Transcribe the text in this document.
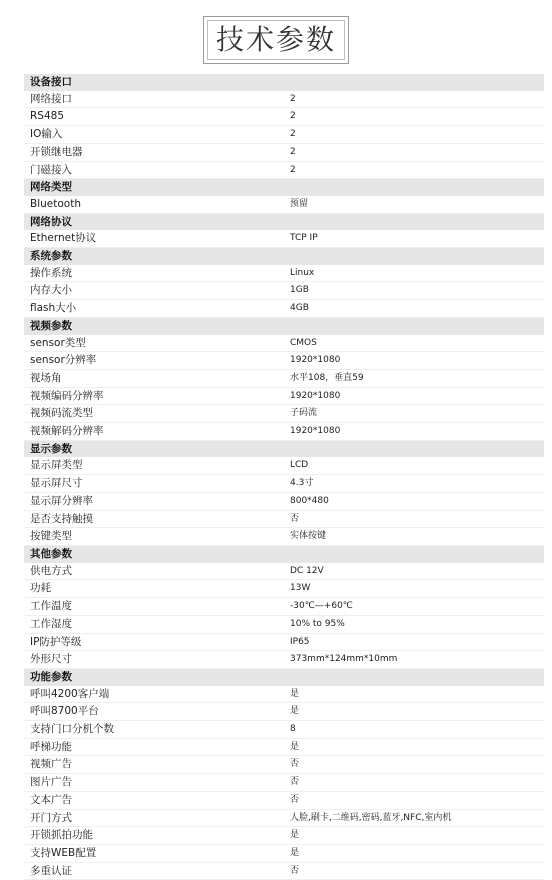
技术参数
设备接口	
网络接口	2
RS485	2
IO输入	2
开锁继电器	2
门磁接入	2
网络类型	
Bluetooth	预留
网络协议	
Ethernet协议	TCP IP
系统参数	
操作系统	Linux
内存大小	1GB
flash大小	4GB
视频参数	
sensor类型	CMOS
sensor分辨率	1920*1080
视场角	水平108，垂直59
视频编码分辨率	1920*1080
视频码流类型	子码流
视频解码分辨率	1920*1080
显示参数	
显示屏类型	LCD
显示屏尺寸	4.3寸
显示屏分辨率	800*480
是否支持触摸	否
按键类型	实体按键
其他参数	
供电方式	DC 12V
功耗	13W
工作温度	-30℃—+60℃
工作湿度	10% to 95%
IP防护等级	IP65
外形尺寸	373mm*124mm*10mm
功能参数	
呼叫4200客户端	是
呼叫8700平台	是
支持门口分机个数	8
呼梯功能	是
视频广告	否
图片广告	否
文本广告	否
开门方式	人脸,刷卡,二维码,密码,蓝牙,NFC,室内机
开锁抓拍功能	是
支持WEB配置	是
多重认证	否
